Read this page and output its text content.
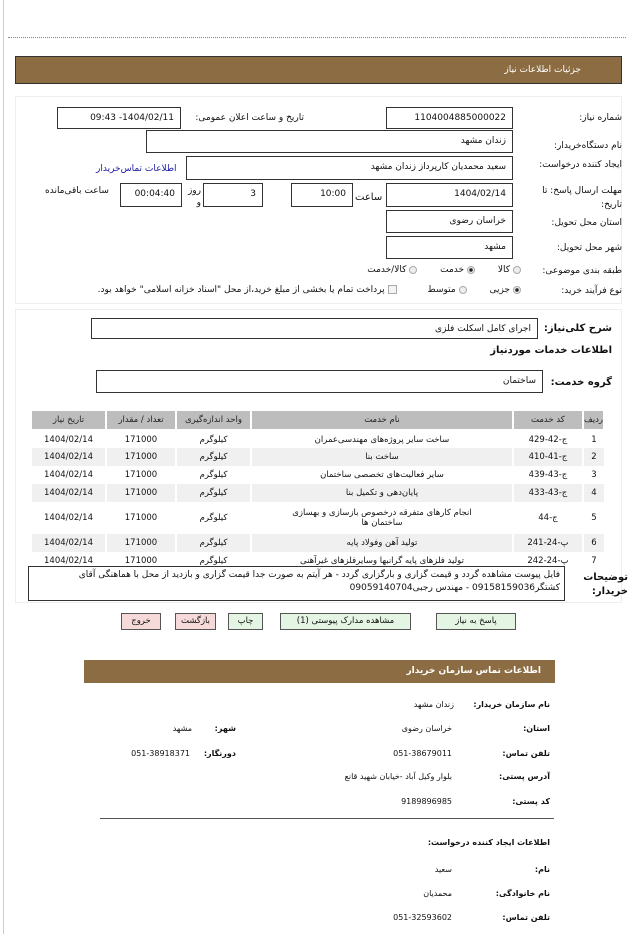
جزئیات اطلاعات نیاز
شماره نیاز:
1104004885000022
تاریخ و ساعت اعلان عمومی:
1404/02/11- 09:43
نام دستگاه‌خریدار:
زندان مشهد
ایجاد کننده درخواست:
سعید محمدیان کارپرداز زندان مشهد
اطلاعات تماس‌خریدار
مهلت ارسال پاسخ: تا تاریخ:
1404/02/14
ساعت
10:00
3
روز و
00:04:40
ساعت باقی‌مانده
استان محل تحویل:
خراسان رضوی
شهر محل تحویل:
مشهد
طبقه بندی موضوعی:
کالا  خدمت  کالا/خدمت
نوع فرآیند خرید:
جزیی  متوسط  پرداخت تمام یا بخشی از مبلغ خرید،از محل "اسناد خزانه اسلامی" خواهد بود.
شرح کلی‌نیاز:
اجرای کامل اسکلت فلزی
اطلاعات خدمات موردنیاز
گروه خدمت:
ساختمان
ردیف	کد خدمت	نام خدمت	واحد اندازه‌گیری	تعداد / مقدار	تاریخ نیاز
1	ج-42-429	ساخت سایر پروژه‌های مهندسی‌عمران	کیلوگرم	171000	1404/02/14
2	ج-41-410	ساخت بنا	کیلوگرم	171000	1404/02/14
3	ج-43-439	سایر فعالیت‌های تخصصی ساختمان	کیلوگرم	171000	1404/02/14
4	ج-43-433	پایان‌دهی و تکمیل بنا	کیلوگرم	171000	1404/02/14
5	ج-44	انجام کارهای متفرقه درخصوص بازسازی و بهسازی ساختمان ها	کیلوگرم	171000	1404/02/14
6	پ-24-241	تولید آهن وفولاد پایه	کیلوگرم	171000	1404/02/14
7	پ-24-242	تولید فلزهای پایه گرانبها وسایرفلزهای غیرآهنی	کیلوگرم	171000	1404/02/14
توضیحات خریدار:
فایل پیوست مشاهده گردد و قیمت گزاری و بارگزاری گردد - هر آیتم به صورت جدا قیمت گزاری و بازدید از محل با هماهنگی آقای کشتگر09158159036 - مهندس رجبی09059140704
پاسخ به نیاز
مشاهده مدارک پیوستی (1)
چاپ
بازگشت
خروج
اطلاعات تماس سازمان خریدار
نام سازمان خریدار:
زندان مشهد
استان:
خراسان رضوی
شهر:
مشهد
تلفن تماس:
051-38679011
دورنگار:
051-38918371
آدرس پستی:
بلوار وکیل آباد -خیابان شهید قانع
کد پستی:
9189896985
اطلاعات ایجاد کننده درخواست:
نام:
سعید
نام خانوادگی:
محمدیان
تلفن تماس:
051-32593602
